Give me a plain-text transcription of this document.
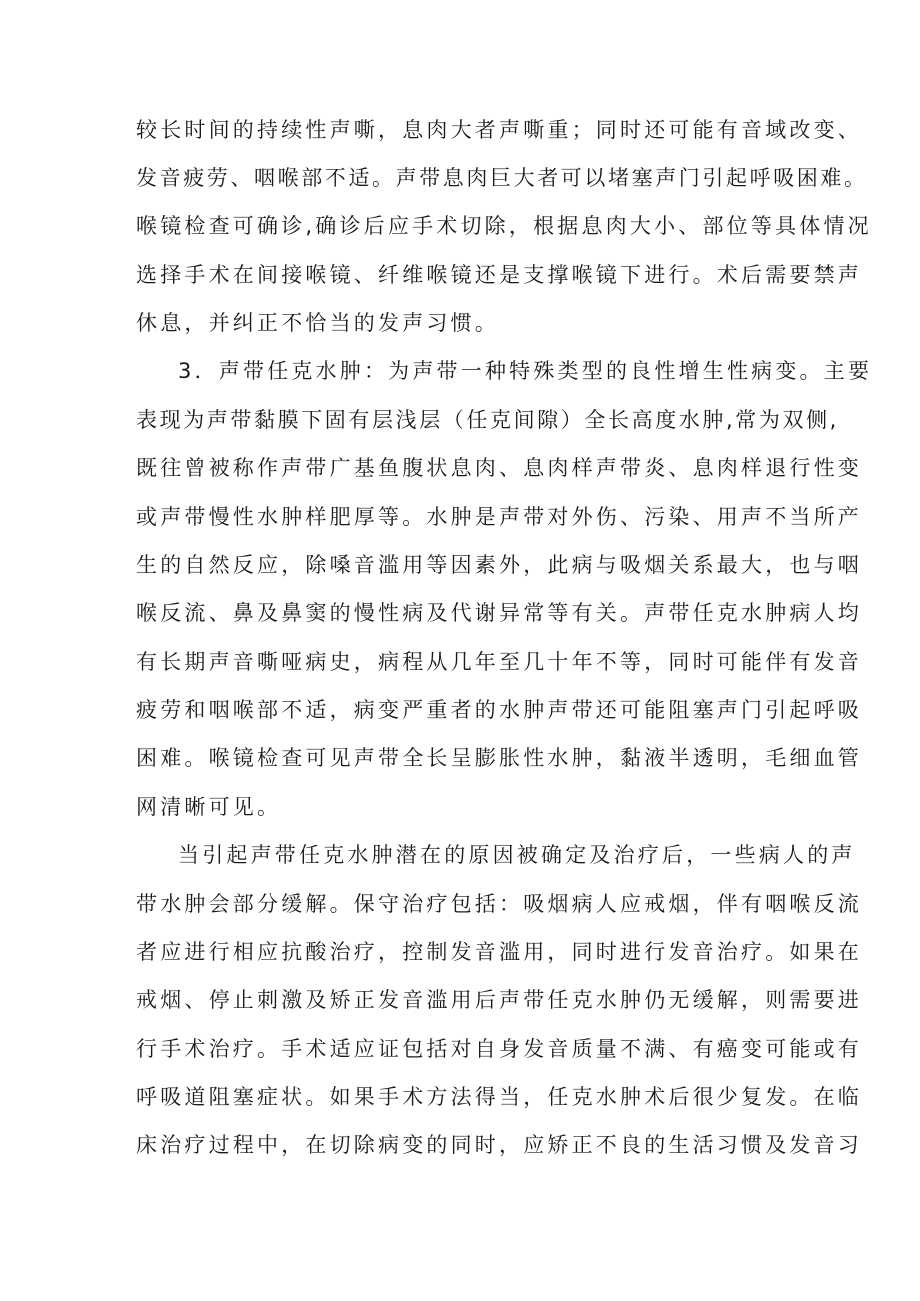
较长时间的持续性声嘶，息肉大者声嘶重；同时还可能有音域改变、
发音疲劳、咽喉部不适。声带息肉巨大者可以堵塞声门引起呼吸困难。
喉镜检查可确诊,确诊后应手术切除，根据息肉大小、部位等具体情况
选择手术在间接喉镜、纤维喉镜还是支撑喉镜下进行。术后需要禁声
休息，并纠正不恰当的发声习惯。
3．声带任克水肿：为声带一种特殊类型的良性增生性病变。主要
表现为声带黏膜下固有层浅层（任克间隙）全长高度水肿,常为双侧,
既往曾被称作声带广基鱼腹状息肉、息肉样声带炎、息肉样退行性变
或声带慢性水肿样肥厚等。水肿是声带对外伤、污染、用声不当所产
生的自然反应，除嗓音滥用等因素外，此病与吸烟关系最大，也与咽
喉反流、鼻及鼻窦的慢性病及代谢异常等有关。声带任克水肿病人均
有长期声音嘶哑病史，病程从几年至几十年不等，同时可能伴有发音
疲劳和咽喉部不适，病变严重者的水肿声带还可能阻塞声门引起呼吸
困难。喉镜检查可见声带全长呈膨胀性水肿，黏液半透明，毛细血管
网清晰可见。
当引起声带任克水肿潜在的原因被确定及治疗后，一些病人的声
带水肿会部分缓解。保守治疗包括：吸烟病人应戒烟，伴有咽喉反流
者应进行相应抗酸治疗，控制发音滥用，同时进行发音治疗。如果在
戒烟、停止刺激及矫正发音滥用后声带任克水肿仍无缓解，则需要进
行手术治疗。手术适应证包括对自身发音质量不满、有癌变可能或有
呼吸道阻塞症状。如果手术方法得当，任克水肿术后很少复发。在临
床治疗过程中，在切除病变的同时，应矫正不良的生活习惯及发音习
